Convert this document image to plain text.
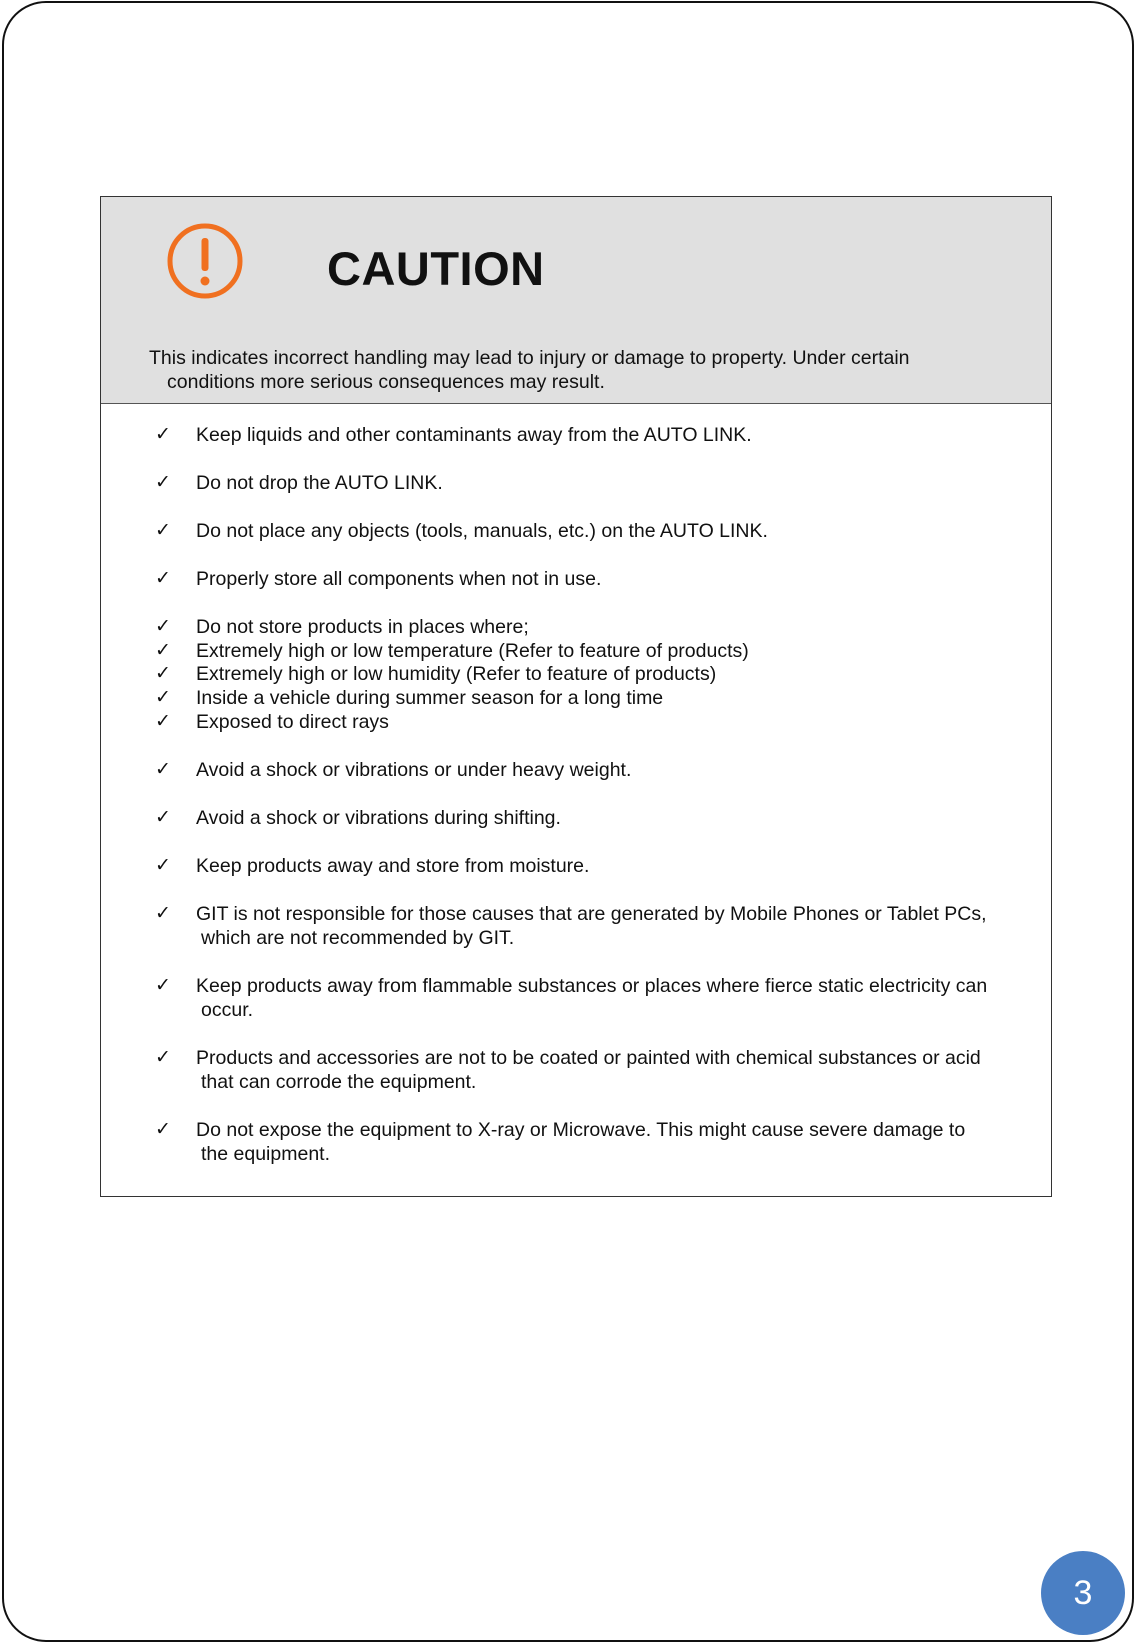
CAUTION

This indicates incorrect handling may lead to injury or damage to property. Under certain
conditions more serious consequences may result.

✓ Keep liquids and other contaminants away from the AUTO LINK.
✓ Do not drop the AUTO LINK.
✓ Do not place any objects (tools, manuals, etc.) on the AUTO LINK.
✓ Properly store all components when not in use.
✓ Do not store products in places where;
✓ Extremely high or low temperature (Refer to feature of products)
✓ Extremely high or low humidity (Refer to feature of products)
✓ Inside a vehicle during summer season for a long time
✓ Exposed to direct rays
✓ Avoid a shock or vibrations or under heavy weight.
✓ Avoid a shock or vibrations during shifting.
✓ Keep products away and store from moisture.
✓ GIT is not responsible for those causes that are generated by Mobile Phones or Tablet PCs,
which are not recommended by GIT.
✓ Keep products away from flammable substances or places where fierce static electricity can
occur.
✓ Products and accessories are not to be coated or painted with chemical substances or acid
that can corrode the equipment.
✓ Do not expose the equipment to X-ray or Microwave. This might cause severe damage to
the equipment.
3
